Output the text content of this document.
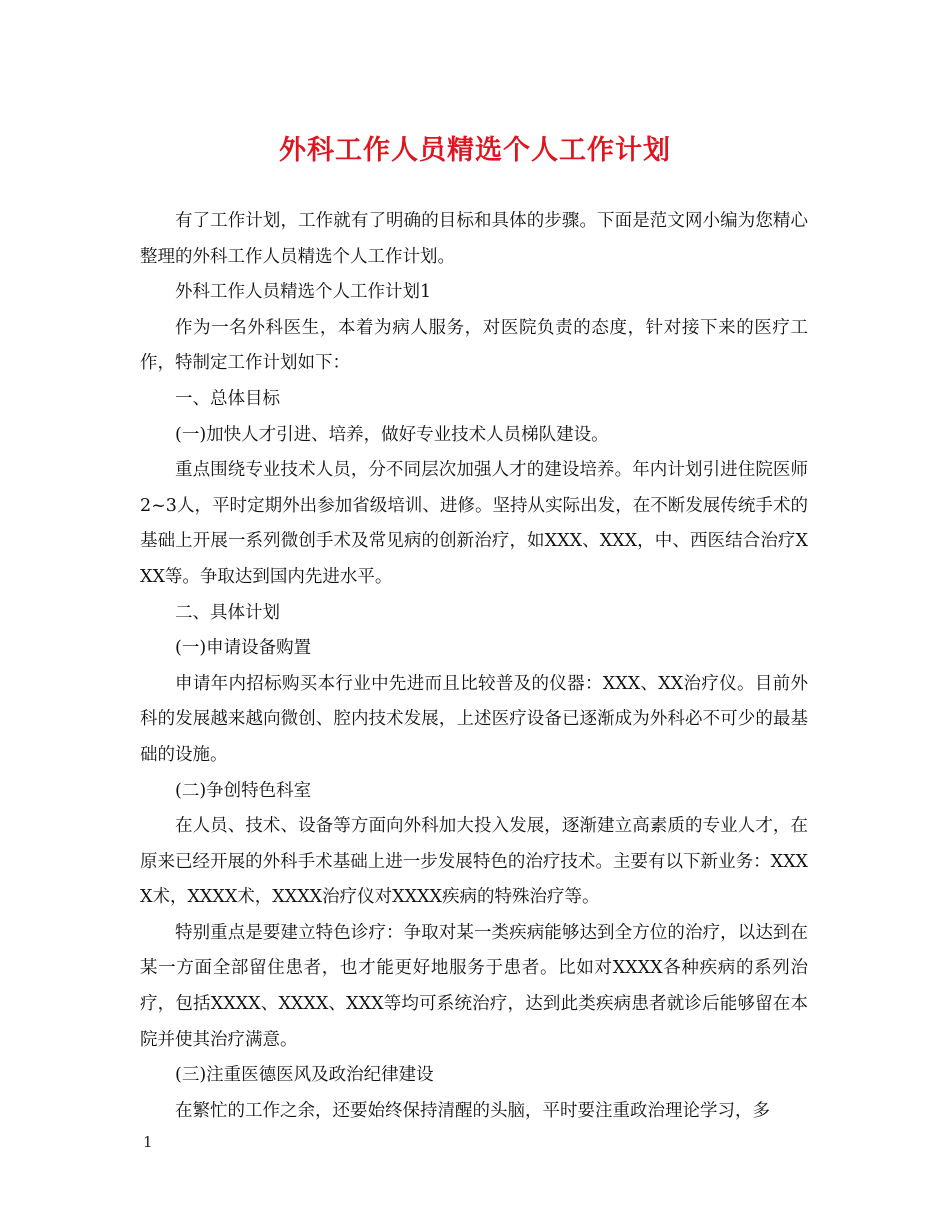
外科工作人员精选个人工作计划

有了工作计划，工作就有了明确的目标和具体的步骤。下面是范文网小编为您精心整理的外科工作人员精选个人工作计划。

外科工作人员精选个人工作计划1

作为一名外科医生，本着为病人服务，对医院负责的态度，针对接下来的医疗工作，特制定工作计划如下：

一、总体目标

(一)加快人才引进、培养，做好专业技术人员梯队建设。

重点围绕专业技术人员，分不同层次加强人才的建设培养。年内计划引进住院医师2~3人，平时定期外出参加省级培训、进修。坚持从实际出发，在不断发展传统手术的基础上开展一系列微创手术及常见病的创新治疗，如XXX、XXX，中、西医结合治疗XXX等。争取达到国内先进水平。

二、具体计划

(一)申请设备购置

申请年内招标购买本行业中先进而且比较普及的仪器：XXX、XX治疗仪。目前外科的发展越来越向微创、腔内技术发展，上述医疗设备已逐渐成为外科必不可少的最基础的设施。

(二)争创特色科室

在人员、技术、设备等方面向外科加大投入发展，逐渐建立高素质的专业人才，在原来已经开展的外科手术基础上进一步发展特色的治疗技术。主要有以下新业务：XXXX术，XXXX术，XXXX治疗仪对XXXX疾病的特殊治疗等。

特别重点是要建立特色诊疗：争取对某一类疾病能够达到全方位的治疗，以达到在某一方面全部留住患者，也才能更好地服务于患者。比如对XXXX各种疾病的系列治疗，包括XXXX、XXXX、XXX等均可系统治疗，达到此类疾病患者就诊后能够留在本院并使其治疗满意。

(三)注重医德医风及政治纪律建设

在繁忙的工作之余，还要始终保持清醒的头脑，平时要注重政治理论学习，多

1
